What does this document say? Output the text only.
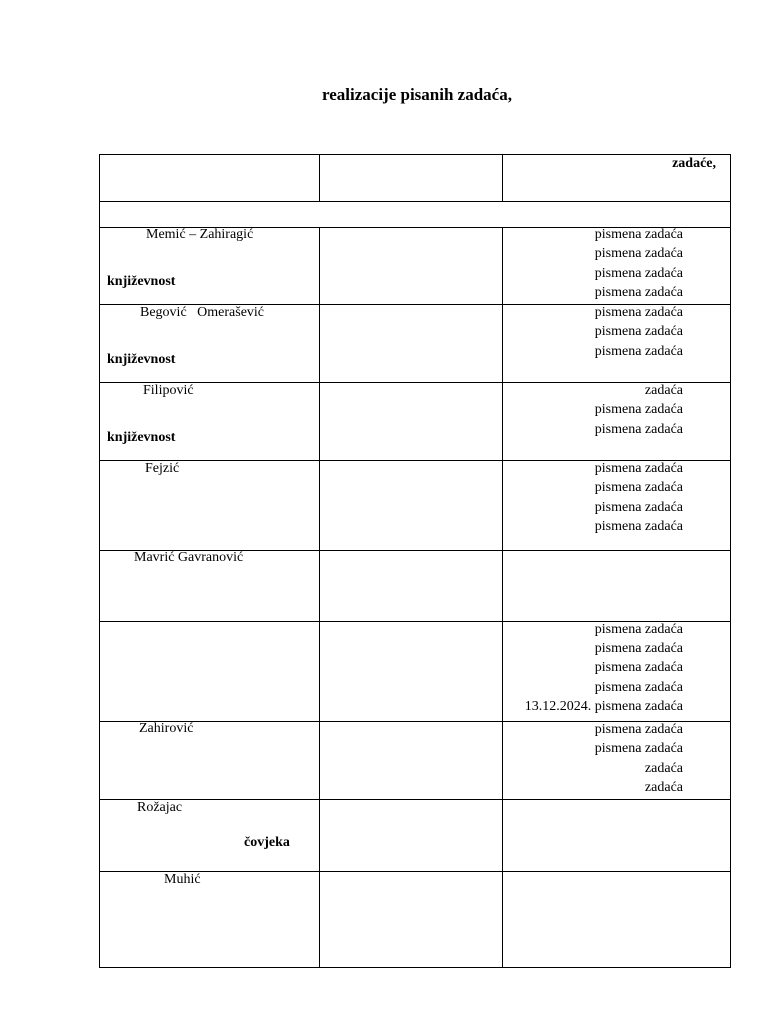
realizacije pisanih zadaća,
zadaće,
Memić – Zahiragić
književnost
pismena zadaća
pismena zadaća
pismena zadaća
pismena zadaća
Begović   Omerašević
književnost
pismena zadaća
pismena zadaća
pismena zadaća
Filipović
književnost
zadaća
pismena zadaća
pismena zadaća
Fejzić	pismena zadaća
pismena zadaća
pismena zadaća
pismena zadaća
Mavrić Gavranović
pismena zadaća
pismena zadaća
pismena zadaća
pismena zadaća
13.12.2024. pismena zadaća
Zahirović	pismena zadaća
pismena zadaća
zadaća
zadaća
Rožajac
čovjeka
Muhić
